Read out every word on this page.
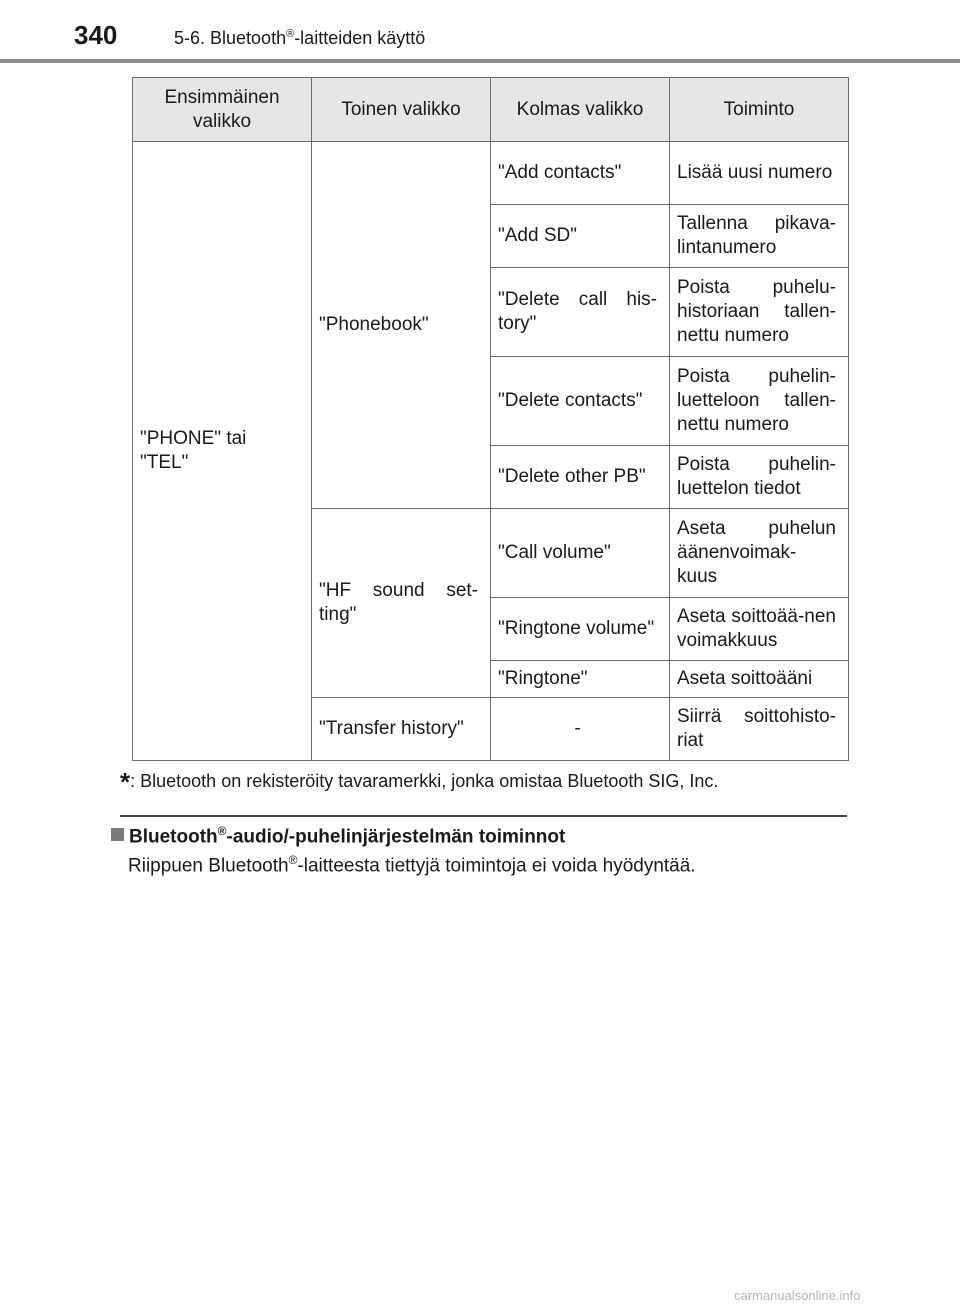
340	5-6. Bluetooth®-laitteiden käyttö
Ensimmäinen valikko	Toinen valikko	Kolmas valikko	Toiminto
"PHONE" tai "TEL"	"Phonebook"	"Add contacts"	Lisää uusi numero
		"Add SD"	Tallenna pikava-lintanumero
		"Delete call his-tory"	Poista puhelu-historiaan tallen-nettu numero
		"Delete contacts"	Poista puhelin-luetteloon tallen-nettu numero
		"Delete other PB"	Poista puhelin-luettelon tiedot
	"HF sound set-ting"	"Call volume"	Aseta puhelun äänenvoimak-kuus
		"Ringtone volume"	Aseta soittoää-nen voimakkuus
		"Ringtone"	Aseta soittoääni
	"Transfer history"	-	Siirrä soittohisto-riat
*: Bluetooth on rekisteröity tavaramerkki, jonka omistaa Bluetooth SIG, Inc.
Bluetooth®-audio/-puhelinjärjestelmän toiminnot
Riippuen Bluetooth®-laitteesta tiettyjä toimintoja ei voida hyödyntää.
carmanualsonline.info
